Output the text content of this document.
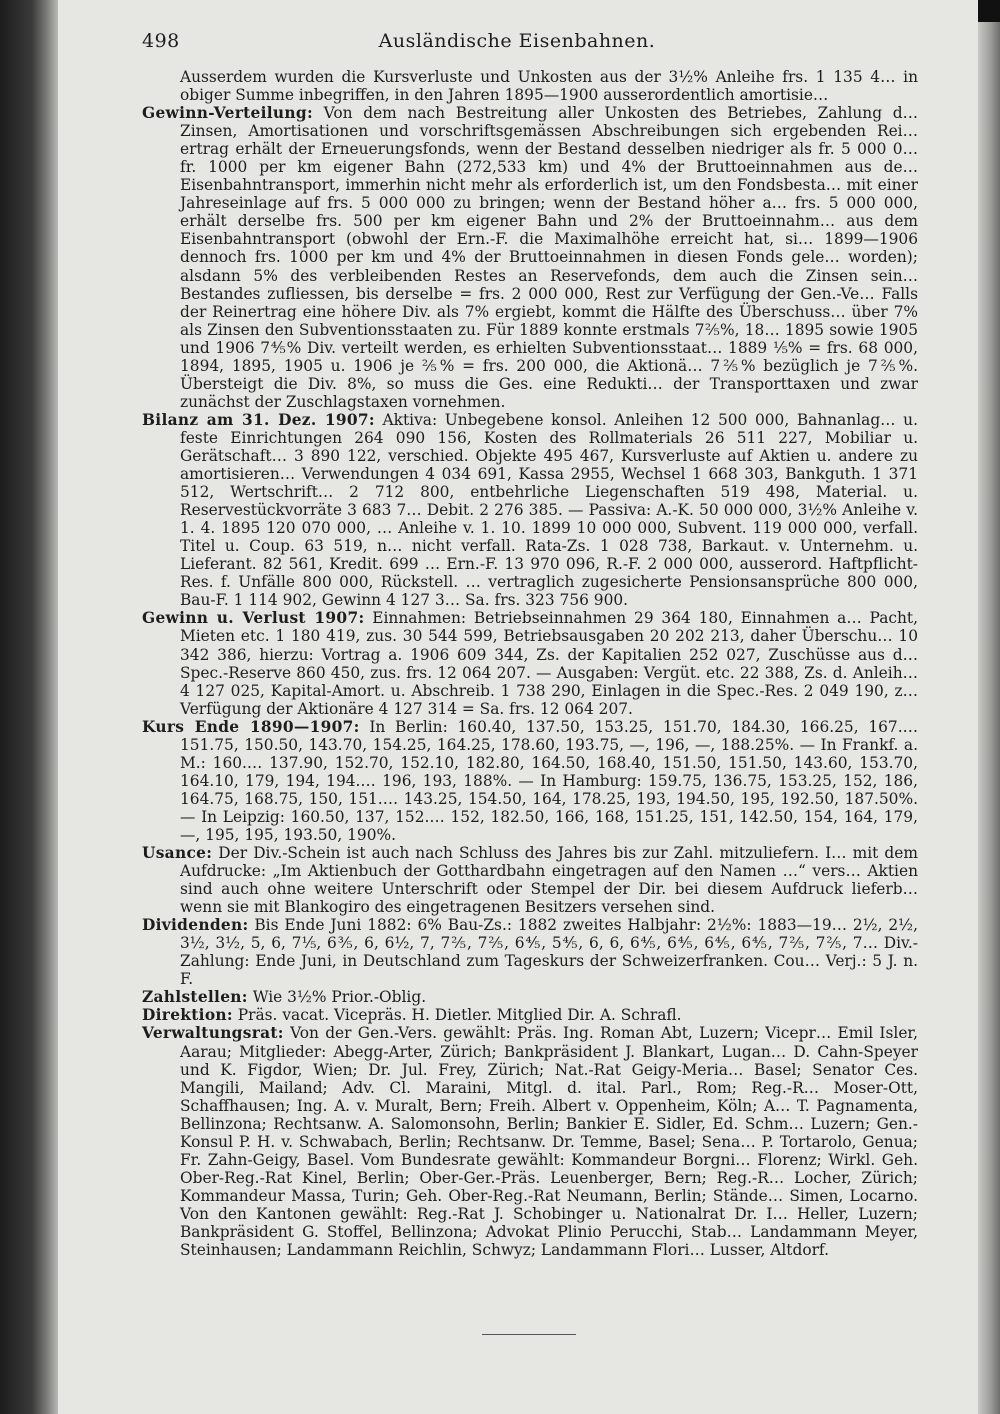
498	Ausländische Eisenbahnen.

Ausserdem wurden die Kursverluste und Unkosten aus der 3½% Anleihe frs. 1 135 4… in obiger Summe inbegriffen, in den Jahren 1895—1900 ausserordentlich amortisie…

Gewinn-Verteilung: Von dem nach Bestreitung aller Unkosten des Betriebes, Zahlung d… Zinsen, Amortisationen und vorschriftsgemässen Abschreibungen sich ergebenden Rei… ertrag erhält der Erneuerungsfonds, wenn der Bestand desselben niedriger als fr. 5 000 0… fr. 1000 per km eigener Bahn (272,533 km) und 4% der Bruttoeinnahmen aus de… Eisenbahntransport, immerhin nicht mehr als erforderlich ist, um den Fondsbesta… mit einer Jahreseinlage auf frs. 5 000 000 zu bringen; wenn der Bestand höher a… frs. 5 000 000, erhält derselbe frs. 500 per km eigener Bahn und 2% der Bruttoeinnahm… aus dem Eisenbahntransport (obwohl der Ern.-F. die Maximalhöhe erreicht hat, si… 1899—1906 dennoch frs. 1000 per km und 4% der Bruttoeinnahmen in diesen Fonds gele… worden); alsdann 5% des verbleibenden Restes an Reservefonds, dem auch die Zinsen sein… Bestandes zufliessen, bis derselbe = frs. 2 000 000, Rest zur Verfügung der Gen.-Ve… Falls der Reinertrag eine höhere Div. als 7% ergiebt, kommt die Hälfte des Überschuss… über 7% als Zinsen den Subventionsstaaten zu. Für 1889 konnte erstmals 7⅖%, 18… 1895 sowie 1905 und 1906 7⅘% Div. verteilt werden, es erhielten Subventionsstaat… 1889 ⅕% = frs. 68 000, 1894, 1895, 1905 u. 1906 je ⅖% = frs. 200 000, die Aktionä… 7⅖% bezüglich je 7⅖%. Übersteigt die Div. 8%, so muss die Ges. eine Redukti… der Transporttaxen und zwar zunächst der Zuschlagstaxen vornehmen.

Bilanz am 31. Dez. 1907: Aktiva: Unbegebene konsol. Anleihen 12 500 000, Bahnanlag… u. feste Einrichtungen 264 090 156, Kosten des Rollmaterials 26 511 227, Mobiliar u. Gerätschaft… 3 890 122, verschied. Objekte 495 467, Kursverluste auf Aktien u. andere zu amortisieren… Verwendungen 4 034 691, Kassa 2955, Wechsel 1 668 303, Bankguth. 1 371 512, Wertschrift… 2 712 800, entbehrliche Liegenschaften 519 498, Material. u. Reservestückvorräte 3 683 7… Debit. 2 276 385. — Passiva: A.-K. 50 000 000, 3½% Anleihe v. 1. 4. 1895 120 070 000, … Anleihe v. 1. 10. 1899 10 000 000, Subvent. 119 000 000, verfall. Titel u. Coup. 63 519, n… nicht verfall. Rata-Zs. 1 028 738, Barkaut. v. Unternehm. u. Lieferant. 82 561, Kredit. 699 … Ern.-F. 13 970 096, R.-F. 2 000 000, ausserord. Haftpflicht-Res. f. Unfälle 800 000, Rückstell. … vertraglich zugesicherte Pensionsansprüche 800 000, Bau-F. 1 114 902, Gewinn 4 127 3… Sa. frs. 323 756 900.

Gewinn u. Verlust 1907: Einnahmen: Betriebseinnahmen 29 364 180, Einnahmen a… Pacht, Mieten etc. 1 180 419, zus. 30 544 599, Betriebsausgaben 20 202 213, daher Überschu… 10 342 386, hierzu: Vortrag a. 1906 609 344, Zs. der Kapitalien 252 027, Zuschüsse aus d… Spec.-Reserve 860 450, zus. frs. 12 064 207. — Ausgaben: Vergüt. etc. 22 388, Zs. d. Anleih… 4 127 025, Kapital-Amort. u. Abschreib. 1 738 290, Einlagen in die Spec.-Res. 2 049 190, z… Verfügung der Aktionäre 4 127 314 = Sa. frs. 12 064 207.

Kurs Ende 1890—1907: In Berlin: 160.40, 137.50, 153.25, 151.70, 184.30, 166.25, 167.… 151.75, 150.50, 143.70, 154.25, 164.25, 178.60, 193.75, —, 196, —, 188.25%. — In Frankf. a. M.: 160.… 137.90, 152.70, 152.10, 182.80, 164.50, 168.40, 151.50, 151.50, 143.60, 153.70, 164.10, 179, 194, 194.… 196, 193, 188%. — In Hamburg: 159.75, 136.75, 153.25, 152, 186, 164.75, 168.75, 150, 151.… 143.25, 154.50, 164, 178.25, 193, 194.50, 195, 192.50, 187.50%. — In Leipzig: 160.50, 137, 152.… 152, 182.50, 166, 168, 151.25, 151, 142.50, 154, 164, 179, —, 195, 195, 193.50, 190%.

Usance: Der Div.-Schein ist auch nach Schluss des Jahres bis zur Zahl. mitzuliefern. I… mit dem Aufdrucke: „Im Aktienbuch der Gotthardbahn eingetragen auf den Namen …“ vers… Aktien sind auch ohne weitere Unterschrift oder Stempel der Dir. bei diesem Aufdruck lieferb… wenn sie mit Blankogiro des eingetragenen Besitzers versehen sind.

Dividenden: Bis Ende Juni 1882: 6% Bau-Zs.: 1882 zweites Halbjahr: 2½%: 1883—19… 2½, 2½, 3½, 3½, 5, 6, 7⅕, 6⅗, 6, 6½, 7, 7⅖, 7⅖, 6⅘, 5⅘, 6, 6, 6⅘, 6⅘, 6⅘, 6⅘, 7⅖, 7⅖, 7… Div.-Zahlung: Ende Juni, in Deutschland zum Tageskurs der Schweizerfranken. Cou… Verj.: 5 J. n. F.

Zahlstellen: Wie 3½% Prior.-Oblig.

Direktion: Präs. vacat. Vicepräs. H. Dietler. Mitglied Dir. A. Schrafl.

Verwaltungsrat: Von der Gen.-Vers. gewählt: Präs. Ing. Roman Abt, Luzern; Vicepr… Emil Isler, Aarau; Mitglieder: Abegg-Arter, Zürich; Bankpräsident J. Blankart, Lugan… D. Cahn-Speyer und K. Figdor, Wien; Dr. Jul. Frey, Zürich; Nat.-Rat Geigy-Meria… Basel; Senator Ces. Mangili, Mailand; Adv. Cl. Maraini, Mitgl. d. ital. Parl., Rom; Reg.-R… Moser-Ott, Schaffhausen; Ing. A. v. Muralt, Bern; Freih. Albert v. Oppenheim, Köln; A… T. Pagnamenta, Bellinzona; Rechtsanw. A. Salomonsohn, Berlin; Bankier E. Sidler, Ed. Schm… Luzern; Gen.-Konsul P. H. v. Schwabach, Berlin; Rechtsanw. Dr. Temme, Basel; Sena… P. Tortarolo, Genua; Fr. Zahn-Geigy, Basel. Vom Bundesrate gewählt: Kommandeur Borgni… Florenz; Wirkl. Geh. Ober-Reg.-Rat Kinel, Berlin; Ober-Ger.-Präs. Leuenberger, Bern; Reg.-R… Locher, Zürich; Kommandeur Massa, Turin; Geh. Ober-Reg.-Rat Neumann, Berlin; Stände… Simen, Locarno. Von den Kantonen gewählt: Reg.-Rat J. Schobinger u. Nationalrat Dr. I… Heller, Luzern; Bankpräsident G. Stoffel, Bellinzona; Advokat Plinio Perucchi, Stab… Landammann Meyer, Steinhausen; Landammann Reichlin, Schwyz; Landammann Flori… Lusser, Altdorf.
